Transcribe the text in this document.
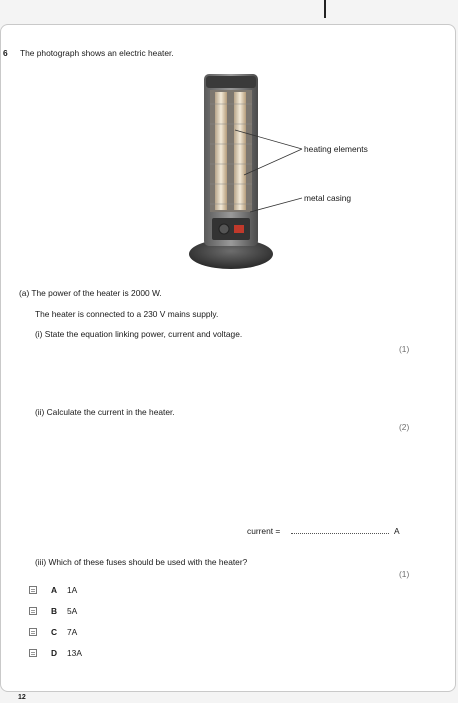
6 The photograph shows an electric heater.
heating elements
metal casing
(a) The power of the heater is 2000 W.
The heater is connected to a 230 V mains supply.
(i) State the equation linking power, current and voltage.
(1)
(ii) Calculate the current in the heater.
(2)
current =	A
(iii) Which of these fuses should be used with the heater?
(1)
A 1A
B 5A
C 7A
D 13A
12
